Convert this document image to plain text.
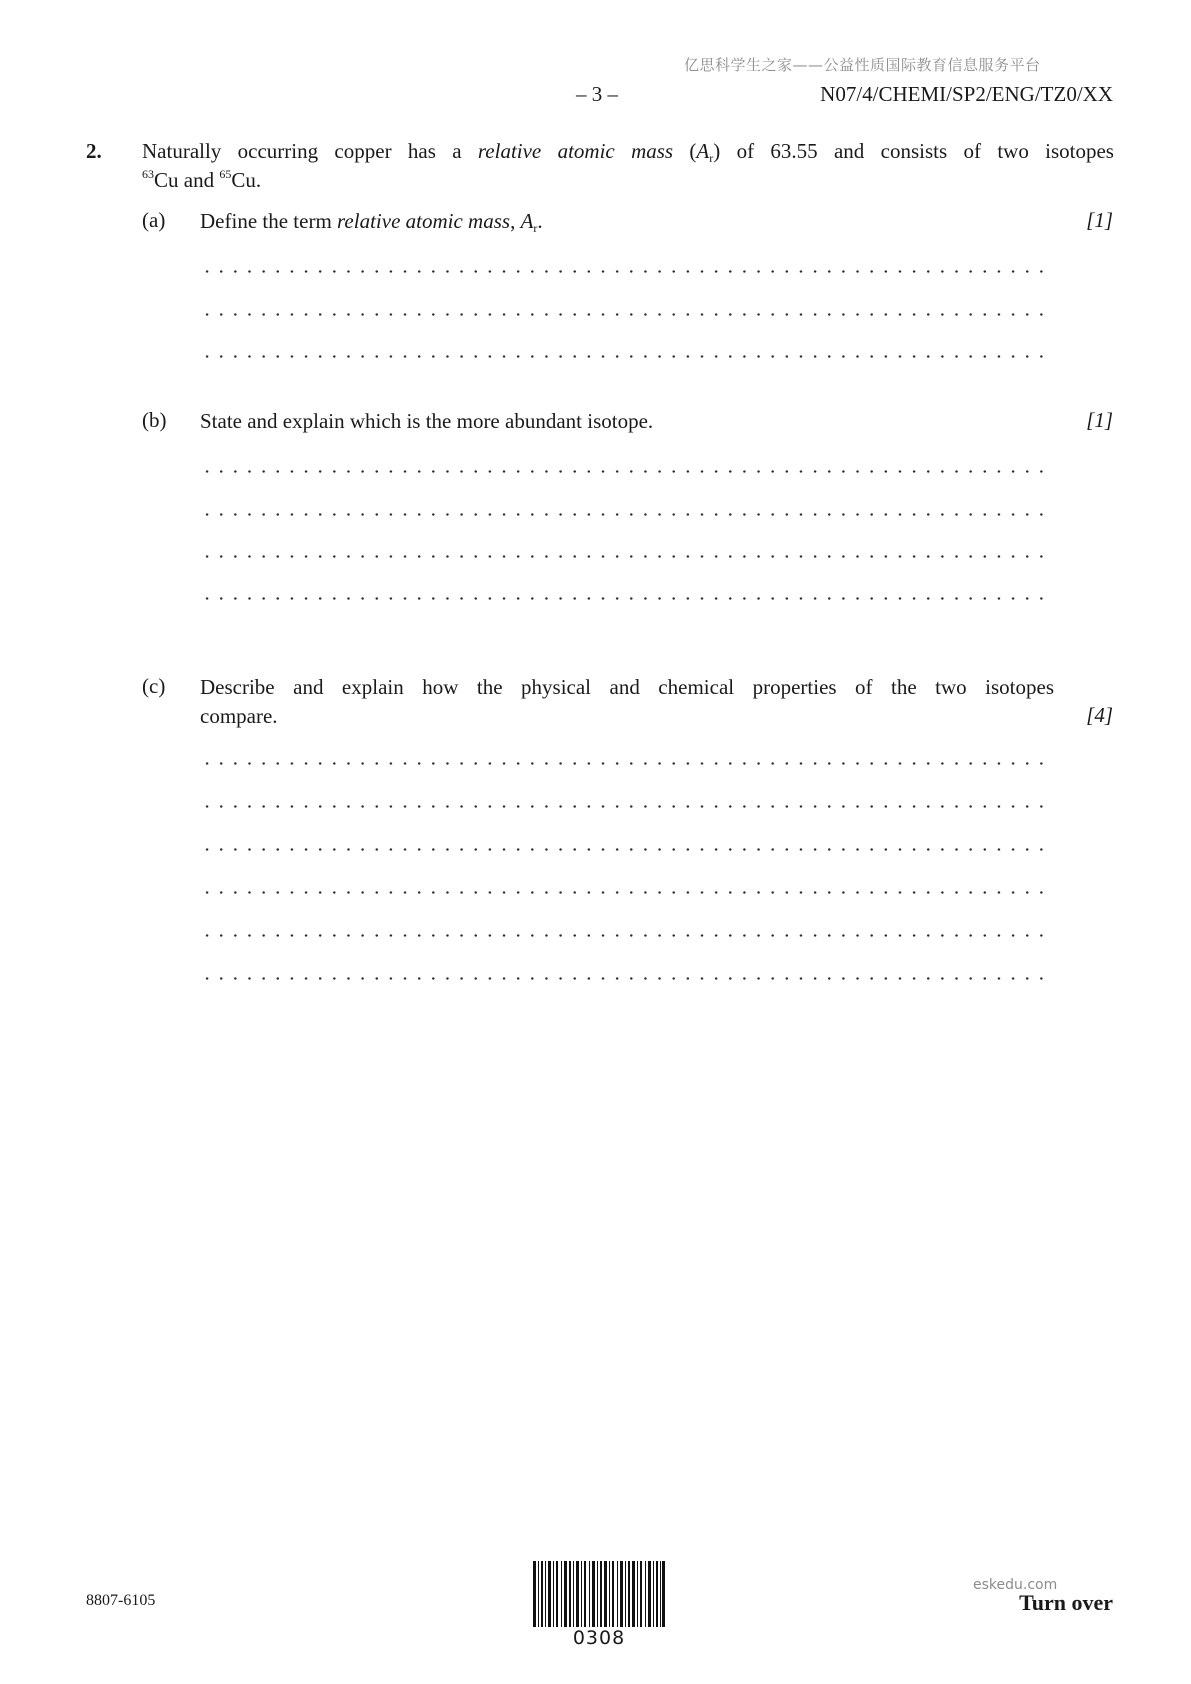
亿思科学生之家——公益性质国际教育信息服务平台
– 3 –	N07/4/CHEMI/SP2/ENG/TZ0/XX
2. Naturally occurring copper has a relative atomic mass $(A_r)$ of 63.55 and consists of two isotopes
$^{63}$Cu and $^{65}$Cu.
(a) Define the term relative atomic mass, $A_r$.	[1]
(b) State and explain which is the more abundant isotope.	[1]
(c) Describe and explain how the physical and chemical properties of the two isotopes
compare.	[4]
8807-6105
0308
eskedu.com
Turn over
